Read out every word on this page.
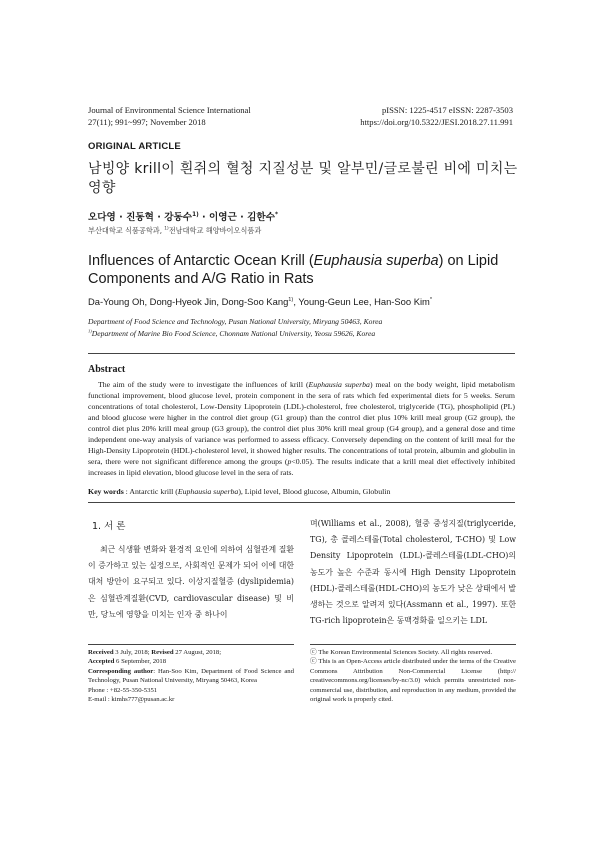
Journal of Environmental Science International
27(11); 991~997; November 2018
pISSN: 1225-4517 eISSN: 2287-3503
https://doi.org/10.5322/JESI.2018.27.11.991
ORIGINAL ARTICLE
남빙양 krill이 흰쥐의 혈청 지질성분 및 알부민/글로불린 비에 미치는 영향
오다영 · 진동혁 · 강동수$^{1)}$ · 이영근 · 김한수*
부산대학교 식품공학과, $^{1)}$전남대학교 해양바이오식품과
Influences of Antarctic Ocean Krill (Euphausia superba) on Lipid Components and A/G Ratio in Rats
Da-Young Oh, Dong-Hyeok Jin, Dong-Soo Kang$^{1)}$, Young-Geun Lee, Han-Soo Kim*
Department of Food Science and Technology, Pusan National University, Miryang 50463, Korea
$^{1)}$Department of Marine Bio Food Science, Chonnam National University, Yeosu 59626, Korea
Abstract
The aim of the study were to investigate the influences of krill (Euphausia superba) meal on the body weight, lipid metabolism functional improvement, blood glucose level, protein component in the sera of rats which fed experimental diets for 5 weeks. Serum concentrations of total cholesterol, Low-Density Lipoprotein (LDL)-cholesterol, free cholesterol, triglyceride (TG), phospholipid (PL) and blood glucose were higher in the control diet group (G1 group) than the control diet plus 10% krill meal group (G2 group), the control diet plus 20% krill meal group (G3 group), the control diet plus 30% krill meal group (G4 group), and a general dose and time independent one-way analysis of variance was performed to assess efficacy. Conversely depending on the content of krill meal for the High-Density Lipoprotein (HDL)-cholesterol level, it showed higher results. The concentrations of total protein, albumin and globulin in sera, there were not significant difference among the groups (p<0.05). The results indicate that a krill meal diet effectively inhibited increases in lipid elevation, blood glucose level in the sera of rats.
Key words : Antarctic krill (Euphausia superba), Lipid level, Blood glucose, Albumin, Globulin
1. 서 론
최근 식생활 변화와 환경적 요인에 의하여 심혈관계 질환이 증가하고 있는 실정으로, 사회적인 문제가 되어 이에 대한 대처 방안이 요구되고 있다. 이상지질혈증 (dyslipidemia)은 심혈관계질환(CVD, cardiovascular disease) 및 비만, 당뇨에 영향을 미치는 인자 중 하나이
며(Williams et al., 2008), 혈중 중성지질(triglyceride, TG), 총 콜레스테롤(Total cholesterol, T-CHO) 및 Low Density Lipoprotein (LDL)-콜레스테롤(LDL-CHO)의 농도가 높은 수준과 동시에 High Density Lipoprotein (HDL)-콜레스테롤(HDL-CHO)의 농도가 낮은 상태에서 발생하는 것으로 알려져 있다(Assmann et al., 1997). 또한 TG-rich lipoprotein은 동맥경화를 일으키는 LDL
Received 3 July, 2018; Revised 27 August, 2018;
Accepted 6 September, 2018
Corresponding author: Han-Soo Kim, Department of Food Science and Technology, Pusan National University, Miryang 50463, Korea
Phone : +82-55-350-5351
E-mail : kimhs777@pusan.ac.kr
ⓒ The Korean Environmental Sciences Society. All rights reserved.
ⓒ This is an Open-Access article distributed under the terms of the Creative Commons Attribution Non-Commercial License (http:// creativecommons.org/licenses/by-nc/3.0) which permits unrestricted non-commercial use, distribution, and reproduction in any medium, provided the original work is properly cited.
